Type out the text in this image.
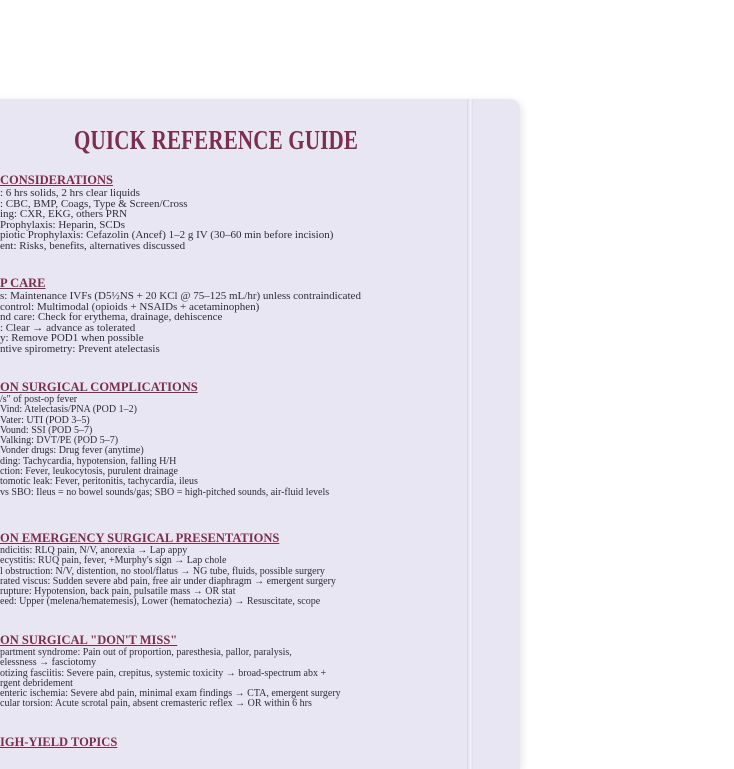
QUICK REFERENCE GUIDE
CONSIDERATIONS
: 6 hrs solids, 2 hrs clear liquids
: CBC, BMP, Coags, Type & Screen/Cross
ing: CXR, EKG, others PRN
Prophylaxis: Heparin, SCDs
piotic Prophylaxis: Cefazolin (Ancef) 1–2 g IV (30–60 min before incision)
ent: Risks, benefits, alternatives discussed
P CARE
s: Maintenance IVFs (D5½NS + 20 KCl @ 75–125 mL/hr) unless contraindicated
control: Multimodal (opioids + NSAIDs + acetaminophen)
nd care: Check for erythema, drainage, dehiscence
: Clear → advance as tolerated
y: Remove POD1 when possible
ntive spirometry: Prevent atelectasis
ON SURGICAL COMPLICATIONS
/s" of post-op fever
Vind: Atelectasis/PNA (POD 1–2)
Vater: UTI (POD 3–5)
Vound: SSI (POD 5–7)
Valking: DVT/PE (POD 5–7)
Vonder drugs: Drug fever (anytime)
ding: Tachycardia, hypotension, falling H/H
ction: Fever, leukocytosis, purulent drainage
tomotic leak: Fever, peritonitis, tachycardia, ileus
vs SBO: Ileus = no bowel sounds/gas; SBO = high-pitched sounds, air-fluid levels
ON EMERGENCY SURGICAL PRESENTATIONS
ndicitis: RLQ pain, N/V, anorexia → Lap appy
ecystitis: RUQ pain, fever, +Murphy's sign → Lap chole
l obstruction: N/V, distention, no stool/flatus → NG tube, fluids, possible surgery
rated viscus: Sudden severe abd pain, free air under diaphragm → emergent surgery
rupture: Hypotension, back pain, pulsatile mass → OR stat
eed: Upper (melena/hematemesis), Lower (hematochezia) → Resuscitate, scope
ON SURGICAL "DON'T MISS"
partment syndrome: Pain out of proportion, paresthesia, pallor, paralysis,
elessness → fasciotomy
otizing fasciitis: Severe pain, crepitus, systemic toxicity → broad-spectrum abx +
rgent debridement
enteric ischemia: Severe abd pain, minimal exam findings → CTA, emergent surgery
cular torsion: Acute scrotal pain, absent cremasteric reflex → OR within 6 hrs
IGH-YIELD TOPICS
